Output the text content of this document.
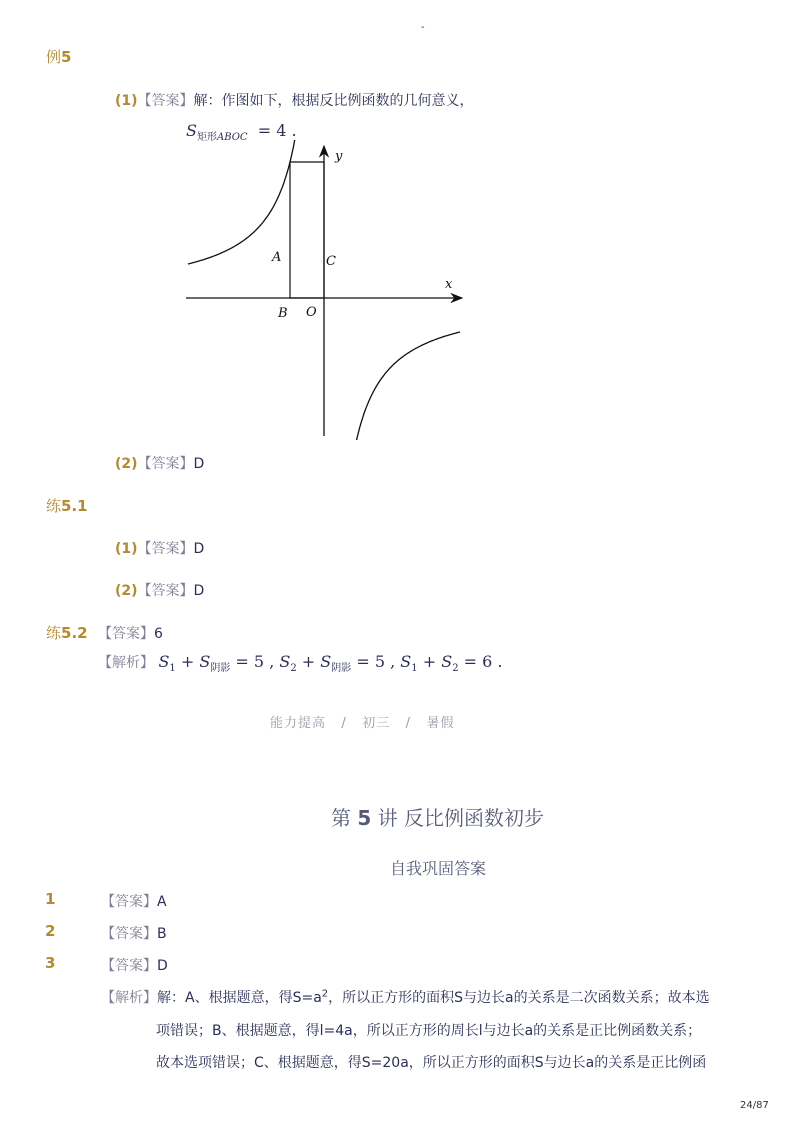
-
例5
(1)【答案】解：作图如下，根据反比例函数的几何意义，
$S_{矩形ABOC} = 4$ .
y
x
A	C
B O
(2)【答案】D
练5.1
(1)【答案】D
(2)【答案】D
练5.2 【答案】6
【解析】 $S_1 + S_{阴影} = 5$ , $S_2 + S_{阴影} = 5$ , $S_1 + S_2 = 6$ .
能力提高 / 初三 / 暑假
第 5 讲 反比例函数初步
自我巩固答案
1	【答案】A
2	【答案】B
3	【答案】D
【解析】解：A、根据题意，得$S=a^2$，所以正方形的面积S与边长a的关系是二次函数关系；故本选
项错误；B、根据题意，得l=4a，所以正方形的周长l与边长a的关系是正比例函数关系；
故本选项错误；C、根据题意，得S=20a，所以正方形的面积S与边长a的关系是正比例函
24/87
